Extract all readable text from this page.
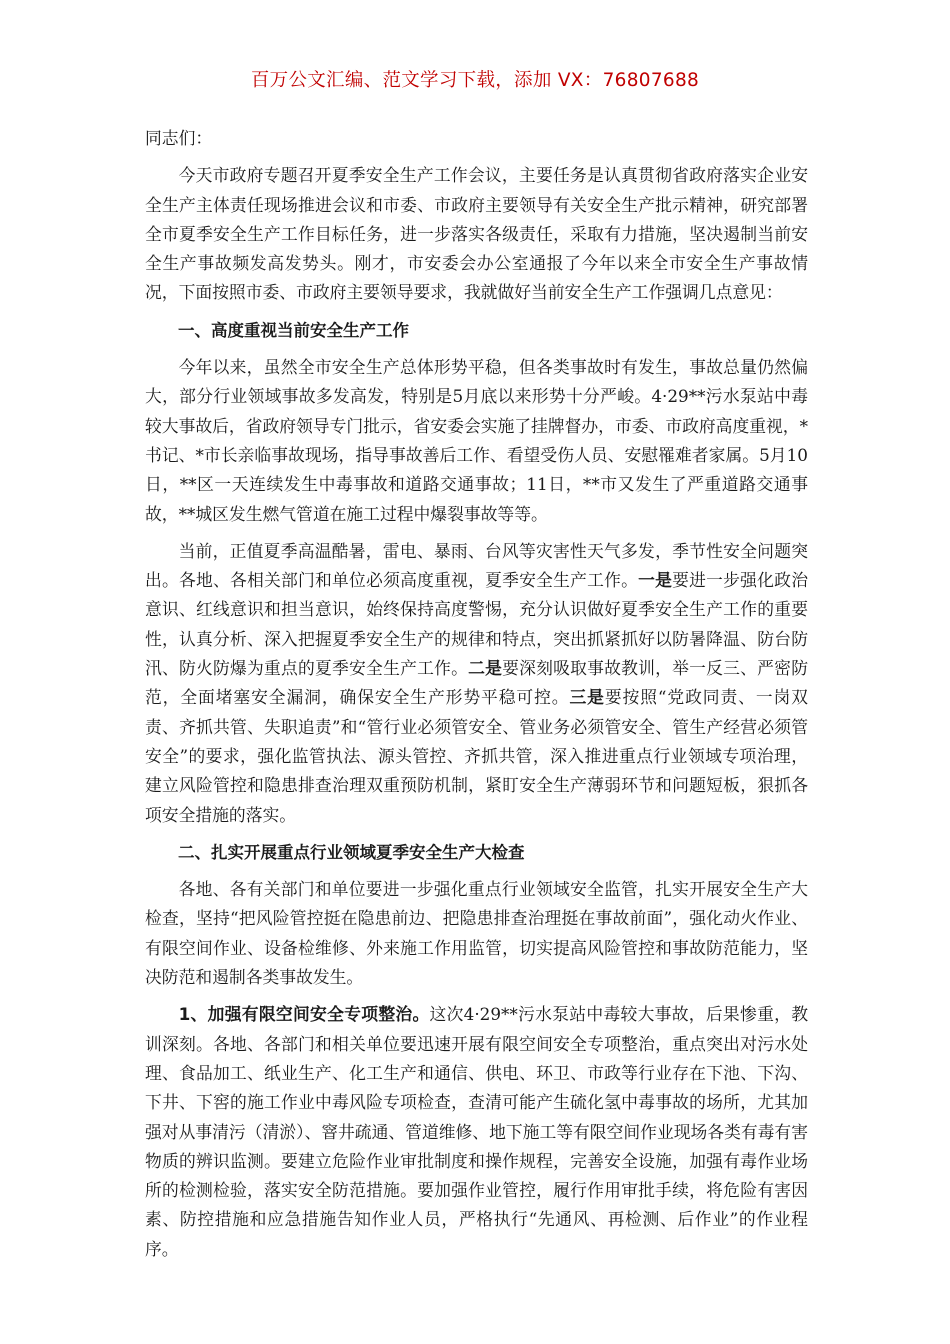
百万公文汇编、范文学习下载，添加 VX：76807688

同志们：

今天市政府专题召开夏季安全生产工作会议，主要任务是认真贯彻省政府落实企业安全生产主体责任现场推进会议和市委、市政府主要领导有关安全生产批示精神，研究部署全市夏季安全生产工作目标任务，进一步落实各级责任，采取有力措施，坚决遏制当前安全生产事故频发高发势头。刚才，市安委会办公室通报了今年以来全市安全生产事故情况，下面按照市委、市政府主要领导要求，我就做好当前安全生产工作强调几点意见：

一、高度重视当前安全生产工作

今年以来，虽然全市安全生产总体形势平稳，但各类事故时有发生，事故总量仍然偏大，部分行业领域事故多发高发，特别是5月底以来形势十分严峻。4·29**污水泵站中毒较大事故后，省政府领导专门批示，省安委会实施了挂牌督办，市委、市政府高度重视，*书记、*市长亲临事故现场，指导事故善后工作、看望受伤人员、安慰罹难者家属。5月10日，**区一天连续发生中毒事故和道路交通事故；11日，**市又发生了严重道路交通事故，**城区发生燃气管道在施工过程中爆裂事故等等。

当前，正值夏季高温酷暑，雷电、暴雨、台风等灾害性天气多发，季节性安全问题突出。各地、各相关部门和单位必须高度重视，夏季安全生产工作。一是要进一步强化政治意识、红线意识和担当意识，始终保持高度警惕，充分认识做好夏季安全生产工作的重要性，认真分析、深入把握夏季安全生产的规律和特点，突出抓紧抓好以防暑降温、防台防汛、防火防爆为重点的夏季安全生产工作。二是要深刻吸取事故教训，举一反三、严密防范，全面堵塞安全漏洞，确保安全生产形势平稳可控。三是要按照“党政同责、一岗双责、齐抓共管、失职追责”和“管行业必须管安全、管业务必须管安全、管生产经营必须管安全”的要求，强化监管执法、源头管控、齐抓共管，深入推进重点行业领域专项治理，建立风险管控和隐患排查治理双重预防机制，紧盯安全生产薄弱环节和问题短板，狠抓各项安全措施的落实。

二、扎实开展重点行业领域夏季安全生产大检查

各地、各有关部门和单位要进一步强化重点行业领域安全监管，扎实开展安全生产大检查，坚持“把风险管控挺在隐患前边、把隐患排查治理挺在事故前面”，强化动火作业、有限空间作业、设备检维修、外来施工作用监管，切实提高风险管控和事故防范能力，坚决防范和遏制各类事故发生。

1、加强有限空间安全专项整治。这次4·29**污水泵站中毒较大事故，后果惨重，教训深刻。各地、各部门和相关单位要迅速开展有限空间安全专项整治，重点突出对污水处理、食品加工、纸业生产、化工生产和通信、供电、环卫、市政等行业存在下池、下沟、下井、下窖的施工作业中毒风险专项检查，查清可能产生硫化氢中毒事故的场所，尤其加强对从事清污（清淤）、窨井疏通、管道维修、地下施工等有限空间作业现场各类有毒有害物质的辨识监测。要建立危险作业审批制度和操作规程，完善安全设施，加强有毒作业场所的检测检验，落实安全防范措施。要加强作业管控，履行作用审批手续，将危险有害因素、防控措施和应急措施告知作业人员，严格执行“先通风、再检测、后作业”的作业程序。
